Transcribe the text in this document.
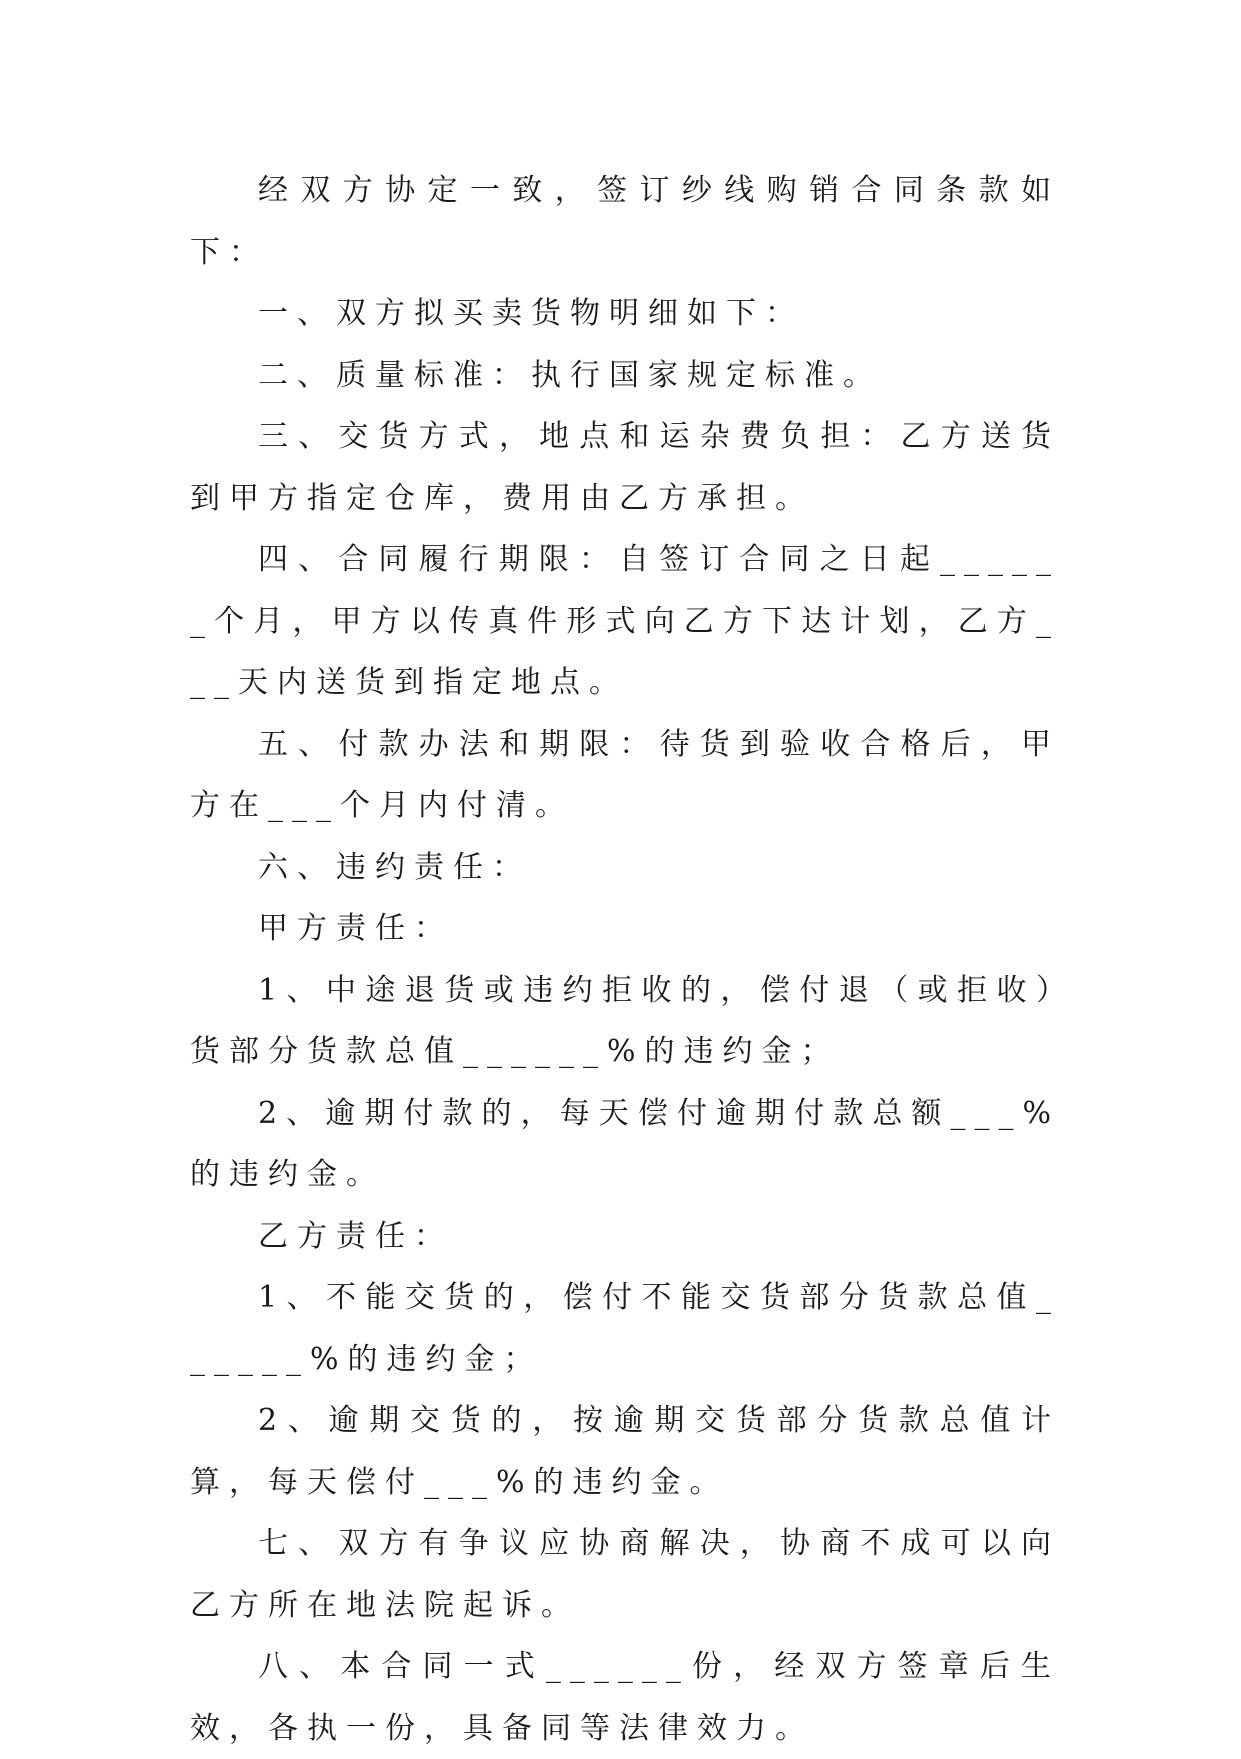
经双方协定一致，签订纱线购销合同条款如下：

一、双方拟买卖货物明细如下：

二、质量标准：执行国家规定标准。

三、交货方式，地点和运杂费负担：乙方送货到甲方指定仓库，费用由乙方承担。

四、合同履行期限：自签订合同之日起______个月，甲方以传真件形式向乙方下达计划，乙方___天内送货到指定地点。

五、付款办法和期限：待货到验收合格后，甲方在___个月内付清。

六、违约责任：

甲方责任：

1、中途退货或违约拒收的，偿付退（或拒收）货部分货款总值______%的违约金；

2、逾期付款的，每天偿付逾期付款总额___%的违约金。

乙方责任：

1、不能交货的，偿付不能交货部分货款总值______%的违约金；

2、逾期交货的，按逾期交货部分货款总值计算，每天偿付___%的违约金。

七、双方有争议应协商解决，协商不成可以向乙方所在地法院起诉。

八、本合同一式______份，经双方签章后生效，各执一份，具备同等法律效力。
